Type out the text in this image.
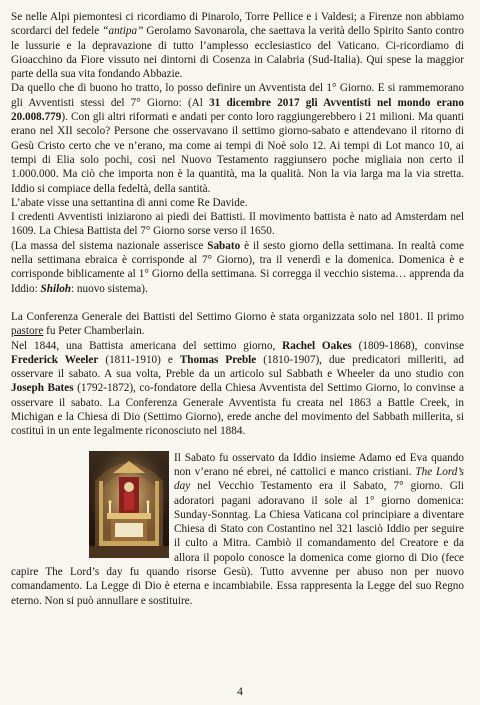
Se nelle Alpi piemontesi ci ricordiamo di Pinarolo, Torre Pellice e i Valdesi; a Firenze non abbiamo scordarci del fedele “antipa” Gerolamo Savonarola, che saettava la verità dello Spirito Santo contro le lussurie e la depravazione di tutto l’amplesso ecclesiastico del Vaticano. Ci-ricordiamo di Gioacchino da Fiore vissuto nei dintorni di Cosenza in Calabria (Sud-Italia). Qui spese la maggior parte della sua vita fondando Abbazie.

Da quello che di buono ho tratto, lo posso definire un Avventista del 1° Giorno. E si rammemorano gli Avventisti stessi del 7° Giorno: (Al 31 dicembre 2017 gli Avventisti nel mondo erano 20.008.779). Con gli altri riformati e andati per conto loro raggiungerebbero i 21 milioni. Ma quanti erano nel XII secolo? Persone che osservavano il settimo giorno-sabato e attendevano il ritorno di Gesù Cristo certo che ve n’erano, ma come ai tempi di Noè solo 12. Ai tempi di Lot manco 10, ai tempi di Elia solo pochi, così nel Nuovo Testamento raggiunsero poche migliaia non certo il 1.000.000. Ma ciò che importa non è la quantità, ma la qualità. Non la via larga ma la via stretta. Iddio si compiace della fedeltà, della santità.

L’abate visse una settantina di anni come Re Davide.

I credenti Avventisti iniziarono ai piedi dei Battisti. Il movimento battista è nato ad Amsterdam nel 1609. La Chiesa Battista del 7° Giorno sorse verso il 1650.

(La massa del sistema nazionale asserisce Sabato è il sesto giorno della settimana. In realtà come nella settimana ebraica è corrisponde al 7° Giorno), tra il venerdì e la domenica. Domenica è e corrisponde biblicamente al 1° Giorno della settimana. Si corregga il vecchio sistema… apprenda da Iddio: Shiloh: nuovo sistema).

La Conferenza Generale dei Battisti del Settimo Giorno è stata organizzata solo nel 1801. Il primo pastore fu Peter Chamberlain.

Nel 1844, una Battista americana del settimo giorno, Rachel Oakes (1809-1868), convinse Frederick Weeler (1811-1910) e Thomas Preble (1810-1907), due predicatori milleriti, ad osservare il sabato. A sua volta, Preble da un articolo sul Sabbath e Wheeler da uno studio con Joseph Bates (1792-1872), co-fondatore della Chiesa Avventista del Settimo Giorno, lo convinse a osservare il sabato. La Conferenza Generale Avventista fu creata nel 1863 a Battle Creek, in Michigan e la Chiesa di Dio (Settimo Giorno), erede anche del movimento del Sabbath millerita, si costituì in un ente legalmente riconosciuto nel 1884.

Il Sabato fu osservato da Iddio insieme Adamo ed Eva quando non v’erano né ebrei, né cattolici e manco cristiani. The Lord’s day nel Vecchio Testamento era il Sabato, 7° giorno. Gli adoratori pagani adoravano il sole al 1° giorno domenica: Sunday-Sonntag. La Chiesa Vaticana col principiare a diventare Chiesa di Stato con Costantino nel 321 lasciò Iddio per seguire il culto a Mitra. Cambiò il comandamento del Creatore e da allora il popolo conosce la domenica come giorno di Dio (fece capire The Lord’s day fu quando risorse Gesù). Tutto avvenne per abuso non per nuovo comandamento. La Legge di Dio è eterna e incambiabile. Essa rappresenta la Legge del suo Regno eterno. Non si può annullare e sostituire.

4
